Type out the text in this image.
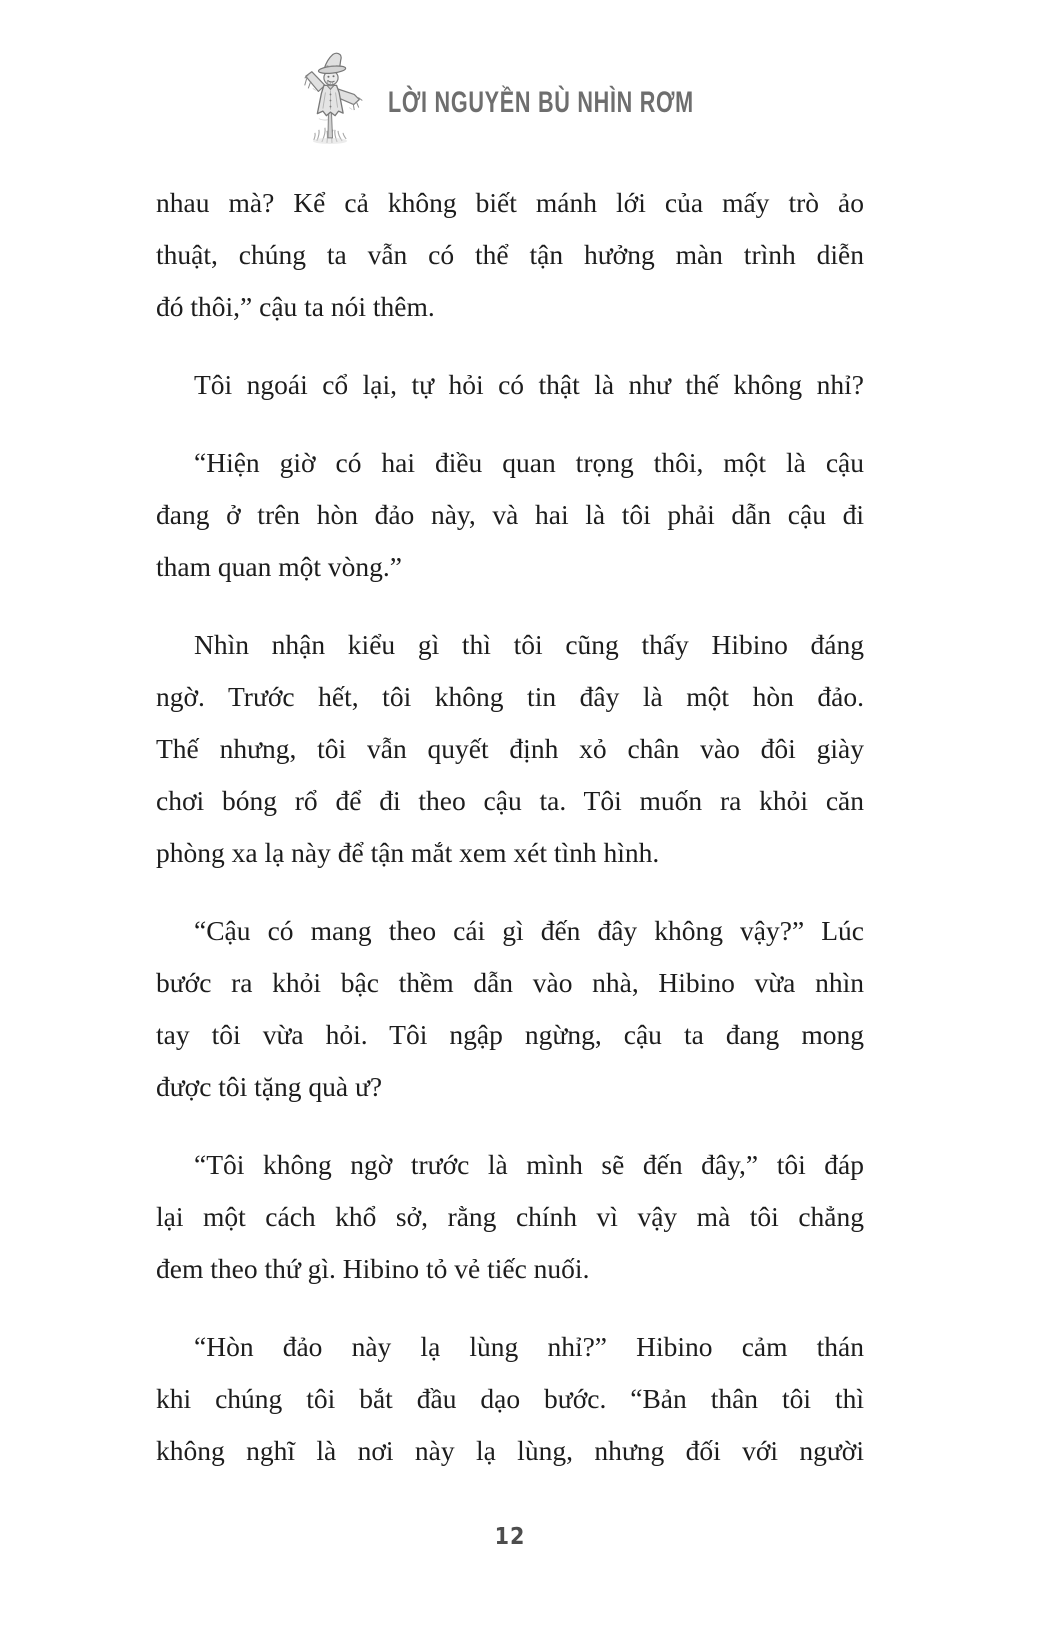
LỜI NGUYỀN BÙ NHÌN RƠM
nhau mà? Kể cả không biết mánh lới của mấy trò ảo
thuật, chúng ta vẫn có thể tận hưởng màn trình diễn
đó thôi,” cậu ta nói thêm.
Tôi ngoái cổ lại, tự hỏi có thật là như thế không nhỉ?
“Hiện giờ có hai điều quan trọng thôi, một là cậu
đang ở trên hòn đảo này, và hai là tôi phải dẫn cậu đi
tham quan một vòng.”
Nhìn nhận kiểu gì thì tôi cũng thấy Hibino đáng
ngờ. Trước hết, tôi không tin đây là một hòn đảo.
Thế nhưng, tôi vẫn quyết định xỏ chân vào đôi giày
chơi bóng rổ để đi theo cậu ta. Tôi muốn ra khỏi căn
phòng xa lạ này để tận mắt xem xét tình hình.
“Cậu có mang theo cái gì đến đây không vậy?” Lúc
bước ra khỏi bậc thềm dẫn vào nhà, Hibino vừa nhìn
tay tôi vừa hỏi. Tôi ngập ngừng, cậu ta đang mong
được tôi tặng quà ư?
“Tôi không ngờ trước là mình sẽ đến đây,” tôi đáp
lại một cách khổ sở, rằng chính vì vậy mà tôi chẳng
đem theo thứ gì. Hibino tỏ vẻ tiếc nuối.
“Hòn đảo này lạ lùng nhỉ?” Hibino cảm thán
khi chúng tôi bắt đầu dạo bước. “Bản thân tôi thì
không nghĩ là nơi này lạ lùng, nhưng đối với người
12
